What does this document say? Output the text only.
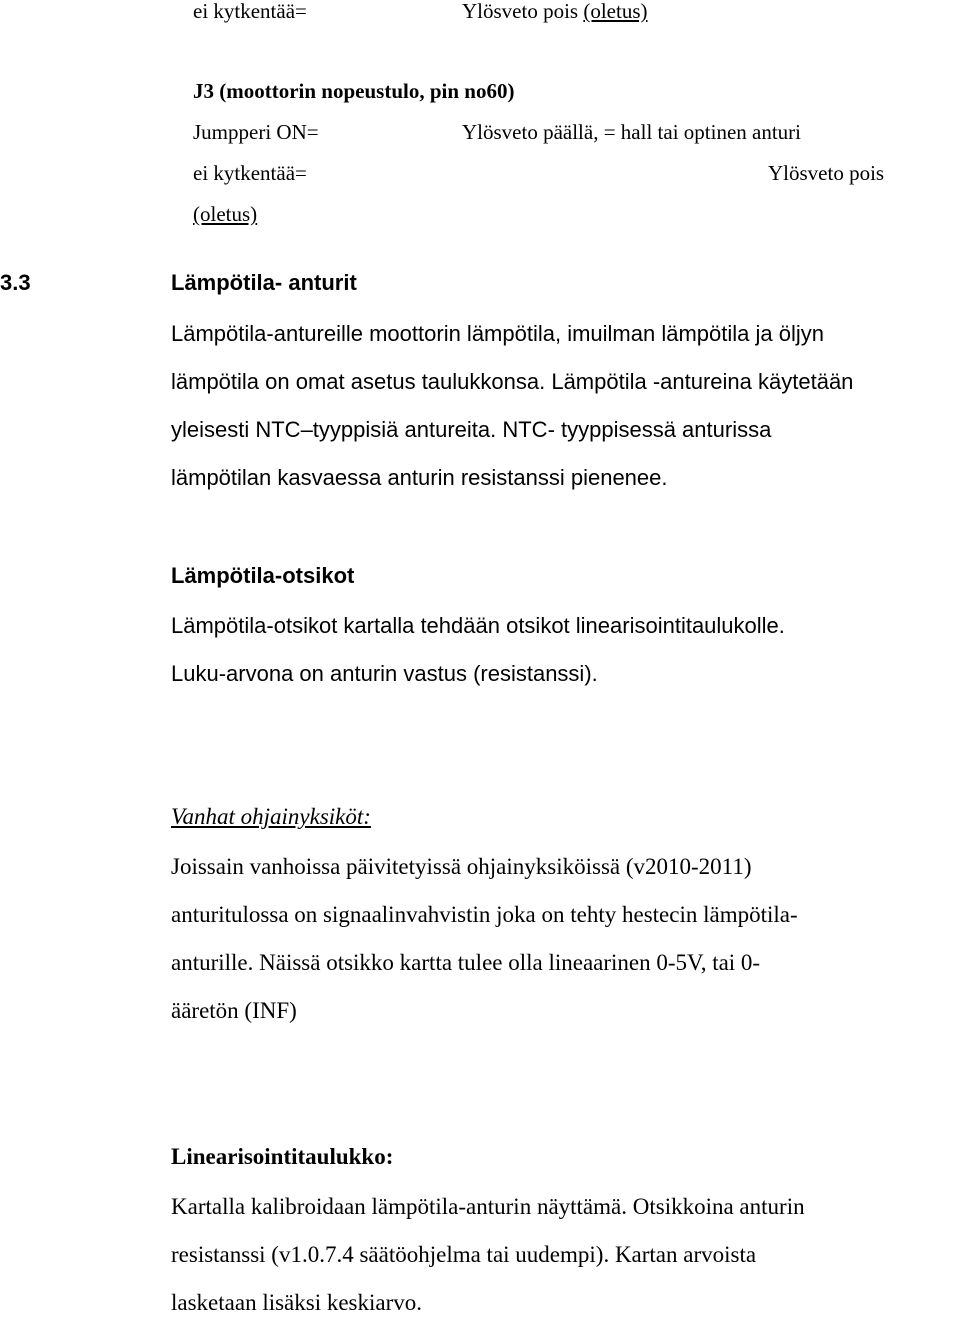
ei kytkentää=	Ylösveto pois (oletus)
J3 (moottorin nopeustulo, pin no60)
Jumpperi ON=	Ylösveto päällä, = hall tai optinen anturi
ei kytkentää=	Ylösveto pois
(oletus)
3.3	Lämpötila- anturit
Lämpötila-antureille moottorin lämpötila, imuilman lämpötila ja öljyn
lämpötila on omat asetus taulukkonsa. Lämpötila -antureina käytetään
yleisesti NTC–tyyppisiä antureita. NTC- tyyppisessä anturissa
lämpötilan kasvaessa anturin resistanssi pienenee.
Lämpötila-otsikot
Lämpötila-otsikot kartalla tehdään otsikot linearisointitaulukolle.
Luku-arvona on anturin vastus (resistanssi).
Vanhat ohjainyksiköt:
Joissain vanhoissa päivitetyissä ohjainyksiköissä (v2010-2011)
anturitulossa on signaalinvahvistin joka on tehty hestecin lämpötila-
anturille. Näissä otsikko kartta tulee olla lineaarinen 0-5V, tai 0-
ääretön (INF)
Linearisointitaulukko:
Kartalla kalibroidaan lämpötila-anturin näyttämä. Otsikkoina anturin
resistanssi (v1.0.7.4 säätöohjelma tai uudempi). Kartan arvoista
lasketaan lisäksi keskiarvo.
